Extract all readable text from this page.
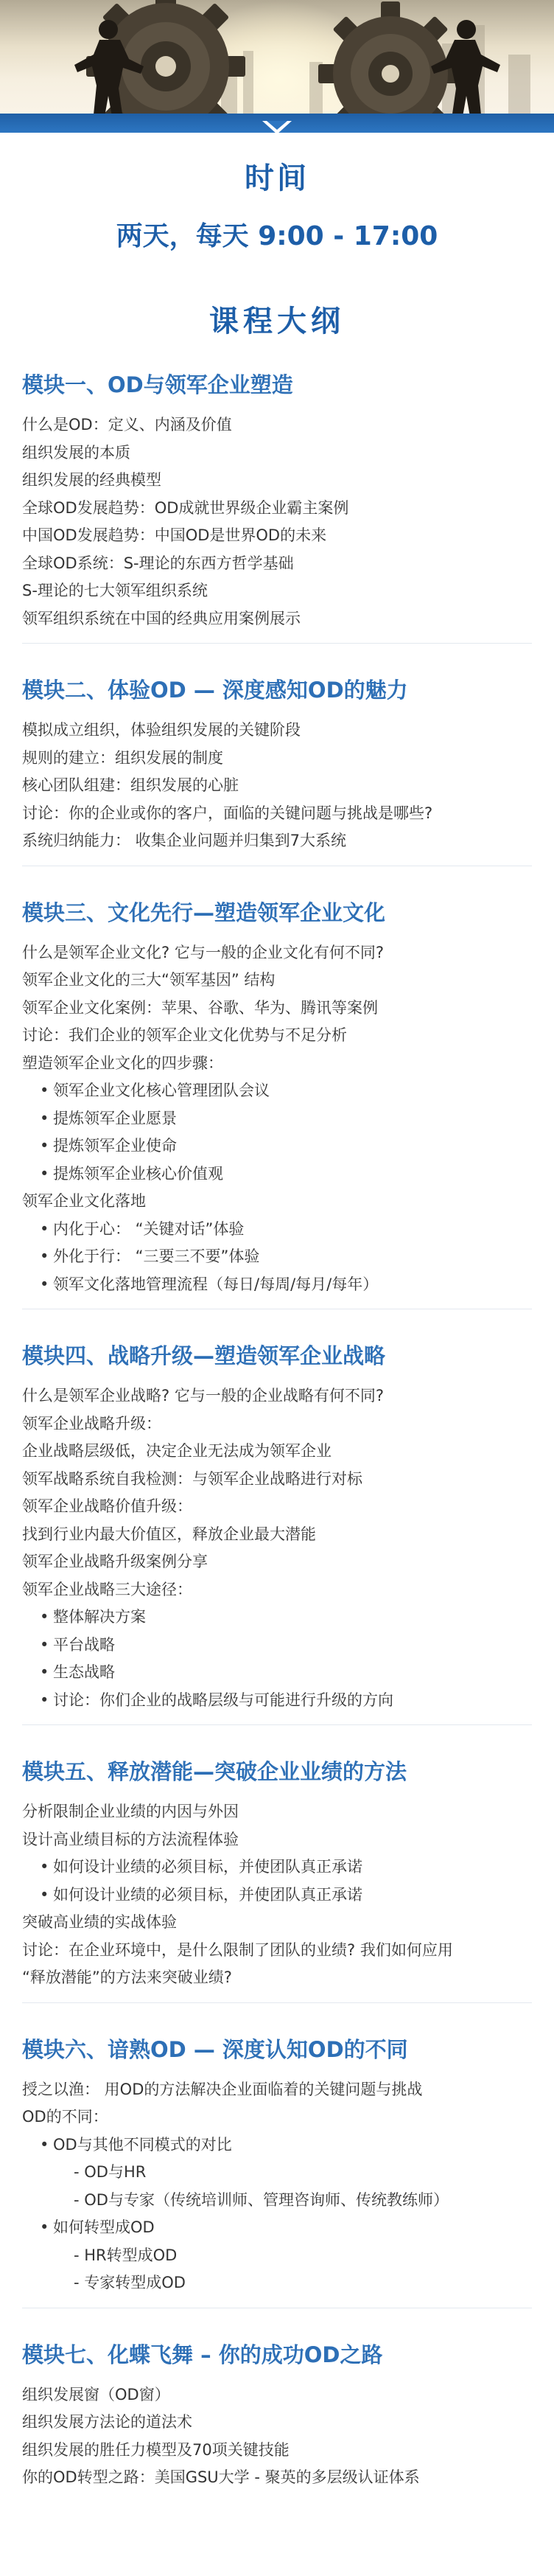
时间
两天，每天 9:00 - 17:00
课程大纲
模块一、OD与领军企业塑造
什么是OD：定义、内涵及价值
组织发展的本质
组织发展的经典模型
全球OD发展趋势：OD成就世界级企业霸主案例
中国OD发展趋势：中国OD是世界OD的未来
全球OD系统：S-理论的东西方哲学基础
S-理论的七大领军组织系统
领军组织系统在中国的经典应用案例展示
模块二、体验OD — 深度感知OD的魅力
模拟成立组织，体验组织发展的关键阶段
规则的建立：组织发展的制度
核心团队组建：组织发展的心脏
讨论：你的企业或你的客户，面临的关键问题与挑战是哪些?
系统归纳能力： 收集企业问题并归集到7大系统
模块三、文化先行—塑造领军企业文化
什么是领军企业文化? 它与一般的企业文化有何不同?
领军企业文化的三大“领军基因” 结构
领军企业文化案例：苹果、谷歌、华为、腾讯等案例
讨论：我们企业的领军企业文化优势与不足分析
塑造领军企业文化的四步骤：
• 领军企业文化核心管理团队会议
• 提炼领军企业愿景
• 提炼领军企业使命
• 提炼领军企业核心价值观
领军企业文化落地
• 内化于心： “关键对话”体验
• 外化于行： “三要三不要”体验
• 领军文化落地管理流程（每日/每周/每月/每年）
模块四、战略升级—塑造领军企业战略
什么是领军企业战略? 它与一般的企业战略有何不同?
领军企业战略升级：
企业战略层级低，决定企业无法成为领军企业
领军战略系统自我检测：与领军企业战略进行对标
领军企业战略价值升级：
找到行业内最大价值区，释放企业最大潜能
领军企业战略升级案例分享
领军企业战略三大途径：
• 整体解决方案
• 平台战略
• 生态战略
• 讨论：你们企业的战略层级与可能进行升级的方向
模块五、释放潜能—突破企业业绩的方法
分析限制企业业绩的内因与外因
设计高业绩目标的方法流程体验
• 如何设计业绩的必须目标，并使团队真正承诺
• 如何设计业绩的必须目标，并使团队真正承诺
突破高业绩的实战体验
讨论：在企业环境中，是什么限制了团队的业绩? 我们如何应用
“释放潜能”的方法来突破业绩?
模块六、谙熟OD — 深度认知OD的不同
授之以渔： 用OD的方法解决企业面临着的关键问题与挑战
OD的不同：
• OD与其他不同模式的对比
- OD与HR
- OD与专家（传统培训师、管理咨询师、传统教练师）
• 如何转型成OD
- HR转型成OD
- 专家转型成OD
模块七、化蝶飞舞 – 你的成功OD之路
组织发展窗（OD窗）
组织发展方法论的道法术
组织发展的胜任力模型及70项关键技能
你的OD转型之路：美国GSU大学 - 聚英的多层级认证体系
